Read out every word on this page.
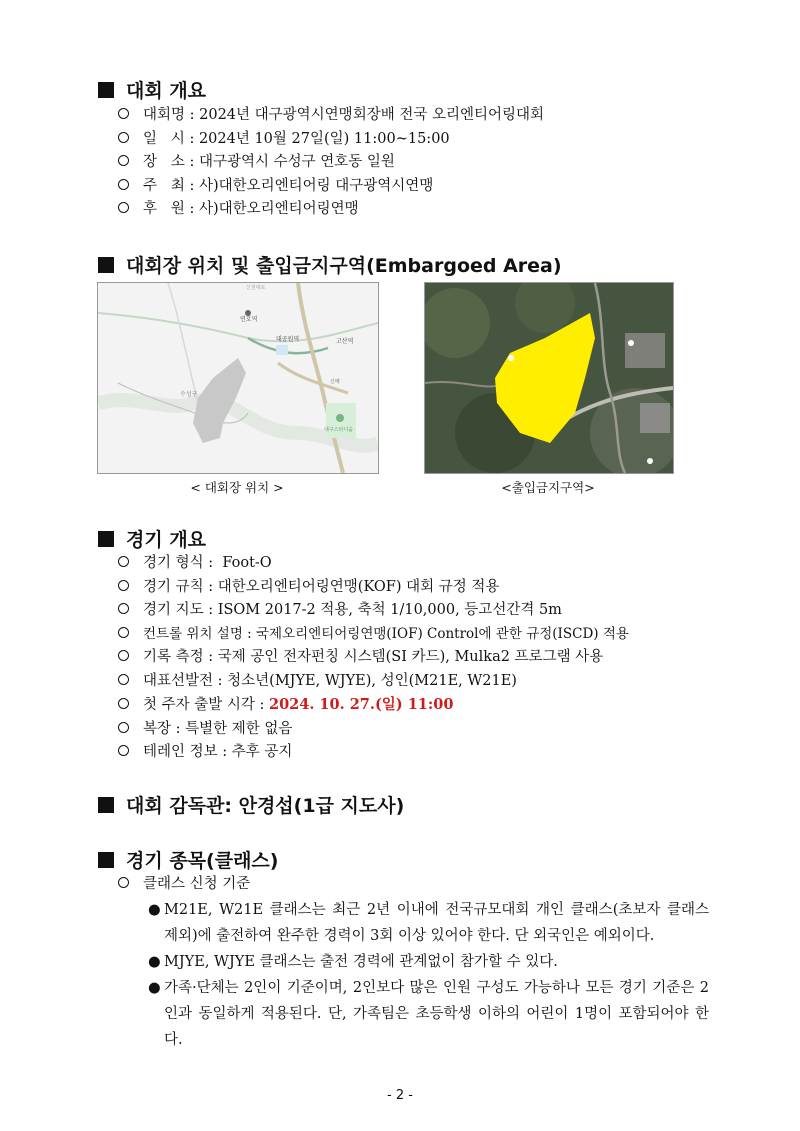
대회 개요
대회명 : 2024년 대구광역시연맹회장배 전국 오리엔티어링대회
일   시 : 2024년 10월 27일(일) 11:00~15:00
장   소 : 대구광역시 수성구 연호동 일원
주   최 : 사)대한오리엔티어링 대구광역시연맹
후   원 : 사)대한오리엔티어링연맹
대회장 위치 및 출입금지구역(Embargoed Area)
연호역
대공원역	고산역
수성구
대구스타디움
신매
신천대로
< 대회장 위치 >	<출입금지구역>
경기 개요
경기 형식 :  Foot-O
경기 규칙 : 대한오리엔티어링연맹(KOF) 대회 규정 적용
경기 지도 : ISOM 2017-2 적용, 축척 1/10,000, 등고선간격 5m
컨트롤 위치 설명 : 국제오리엔티어링연맹(IOF) Control에 관한 규정(ISCD) 적용
기록 측정 : 국제 공인 전자펀칭 시스템(SI 카드), Mulka2 프로그램 사용
대표선발전 : 청소년(MJYE, WJYE), 성인(M21E, W21E)
첫 주자 출발 시각 : 2024. 10. 27.(일) 11:00
복장 : 특별한 제한 없음
테레인 정보 : 추후 공지
대회 감독관: 안경섭(1급 지도사)
경기 종목(클래스)
클래스 신청 기준
● M21E, W21E 클래스는 최근 2년 이내에 전국규모대회 개인 클래스(초보자 클래스 제외)에 출전하여 완주한 경력이 3회 이상 있어야 한다. 단 외국인은 예외이다.
● MJYE, WJYE 클래스는 출전 경력에 관계없이 참가할 수 있다.
● 가족·단체는 2인이 기준이며, 2인보다 많은 인원 구성도 가능하나 모든 경기 기준은 2인과 동일하게 적용된다. 단, 가족팀은 초등학생 이하의 어린이 1명이 포함되어야 한다.
- 2 -
